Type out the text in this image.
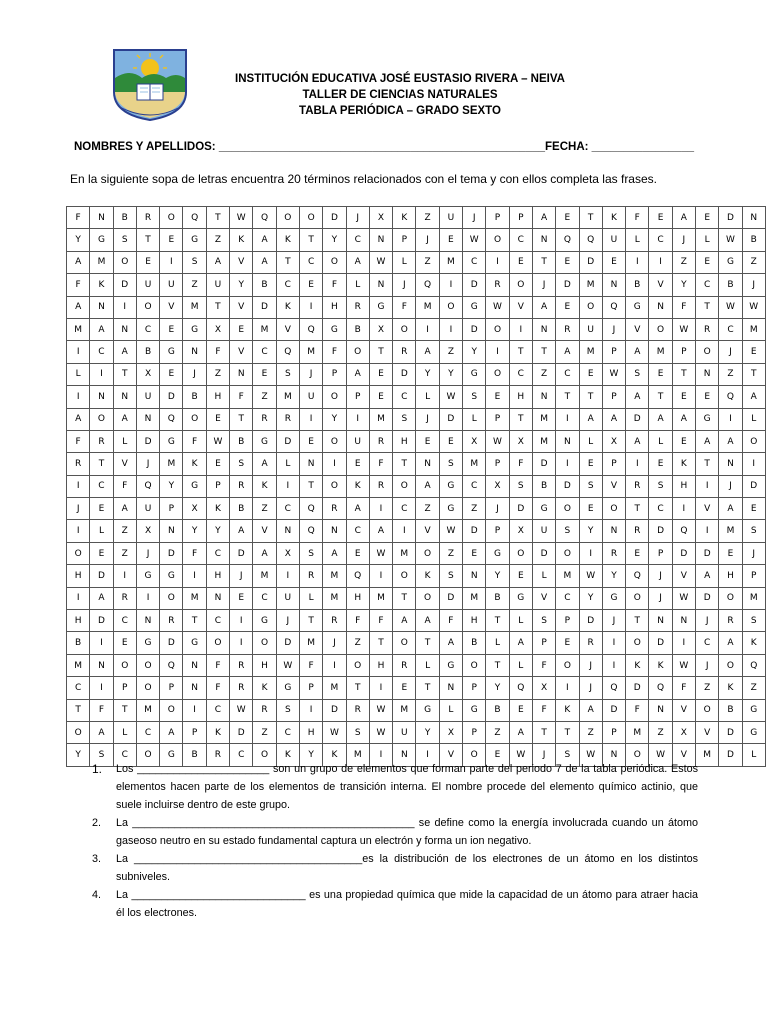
INSTITUCIÓN EDUCATIVA JOSÉ EUSTASIO RIVERA – NEIVA
TALLER DE CIENCIAS NATURALES
TABLA PERIÓDICA – GRADO SEXTO
NOMBRES Y APELLIDOS: ___________________________________________________FECHA: ________________
En la siguiente sopa de letras encuentra 20 términos relacionados con el tema y con ellos completa las frases.
F	N	B	R	O	Q	T	W	Q	O	O	D	J	X	K	Z	U	J	P	P	A	E	T	K	F	E	A	E	D	N
Y	G	S	T	E	G	Z	K	A	K	T	Y	C	N	P	J	E	W	O	C	N	Q	Q	U	L	C	J	L	W	B
A	M	O	E	I	S	A	V	A	T	C	O	A	W	L	Z	M	C	I	E	T	E	D	E	I	I	Z	E	G	Z
F	K	D	U	U	Z	U	Y	B	C	E	F	L	N	J	Q	I	D	R	O	J	D	M	N	B	V	Y	C	B	J
A	N	I	O	V	M	T	V	D	K	I	H	R	G	F	M	O	G	W	V	A	E	O	Q	G	N	F	T	W	W
M	A	N	C	E	G	X	E	M	V	Q	G	B	X	O	I	I	D	O	I	N	R	U	J	V	O	W	R	C	M
I	C	A	B	G	N	F	V	C	Q	M	F	O	T	R	A	Z	Y	I	T	T	A	M	P	A	M	P	O	J	E
L	I	T	X	E	J	Z	N	E	S	J	P	A	E	D	Y	Y	G	O	C	Z	C	E	W	S	E	T	N	Z	T
I	N	N	U	D	B	H	F	Z	M	U	O	P	E	C	L	W	S	E	H	N	T	T	P	A	T	E	E	Q	A
A	O	A	N	Q	O	E	T	R	R	I	Y	I	M	S	J	D	L	P	T	M	I	A	A	D	A	A	G	I	L
F	R	L	D	G	F	W	B	G	D	E	O	U	R	H	E	E	X	W	X	M	N	L	X	A	L	E	A	A	O
R	T	V	J	M	K	E	S	A	L	N	I	E	F	T	N	S	M	P	F	D	I	E	P	I	E	K	T	N	I
I	C	F	Q	Y	G	P	R	K	I	T	O	K	R	O	A	G	C	X	S	B	D	S	V	R	S	H	I	J	D
J	E	A	U	P	X	K	B	Z	C	Q	R	A	I	C	Z	G	Z	J	D	G	O	E	O	T	C	I	V	A	E
I	L	Z	X	N	Y	Y	A	V	N	Q	N	C	A	I	V	W	D	P	X	U	S	Y	N	R	D	Q	I	M	S
O	E	Z	J	D	F	C	D	A	X	S	A	E	W	M	O	Z	E	G	O	D	O	I	R	E	P	D	D	E	J
H	D	I	G	G	I	H	J	M	I	R	M	Q	I	O	K	S	N	Y	E	L	M	W	Y	Q	J	V	A	H	P
I	A	R	I	O	M	N	E	C	U	L	M	H	M	T	O	D	M	B	G	V	C	Y	G	O	J	W	D	O	M
H	D	C	N	R	T	C	I	G	J	T	R	F	F	A	A	F	H	T	L	S	P	D	J	T	N	N	J	R	S
B	I	E	G	D	G	O	I	O	D	M	J	Z	T	O	T	A	B	L	A	P	E	R	I	O	D	I	C	A	K
M	N	O	O	Q	N	F	R	H	W	F	I	O	H	R	L	G	O	T	L	F	O	J	I	K	K	W	J	O	Q
C	I	P	O	P	N	F	R	K	G	P	M	T	I	E	T	N	P	Y	Q	X	I	J	Q	D	Q	F	Z	K	Z
T	F	T	M	O	I	C	W	R	S	I	D	R	W	M	G	L	G	B	E	F	K	A	D	F	N	V	O	B	G
O	A	L	C	A	P	K	D	Z	C	H	W	S	W	U	Y	X	P	Z	A	T	T	Z	P	M	Z	X	V	D	G
Y	S	C	O	G	B	R	C	O	K	Y	K	M	I	N	I	V	O	E	W	J	S	W	N	O	W	V	M	D	L
1.	Los ______________________ son un grupo de elementos que forman parte del periodo 7 de la tabla periódica. Estos elementos hacen parte de los elementos de transición interna. El nombre procede del elemento químico actinio, que suele incluirse dentro de este grupo.
2.	La _______________________________________________ se define como la energía involucrada cuando un átomo gaseoso neutro en su estado fundamental captura un electrón y forma un ion negativo.
3.	La ______________________________________es la distribución de los electrones de un átomo en los distintos subniveles.
4.	La _____________________________ es una propiedad química que mide la capacidad de un átomo para atraer hacia él los electrones.
